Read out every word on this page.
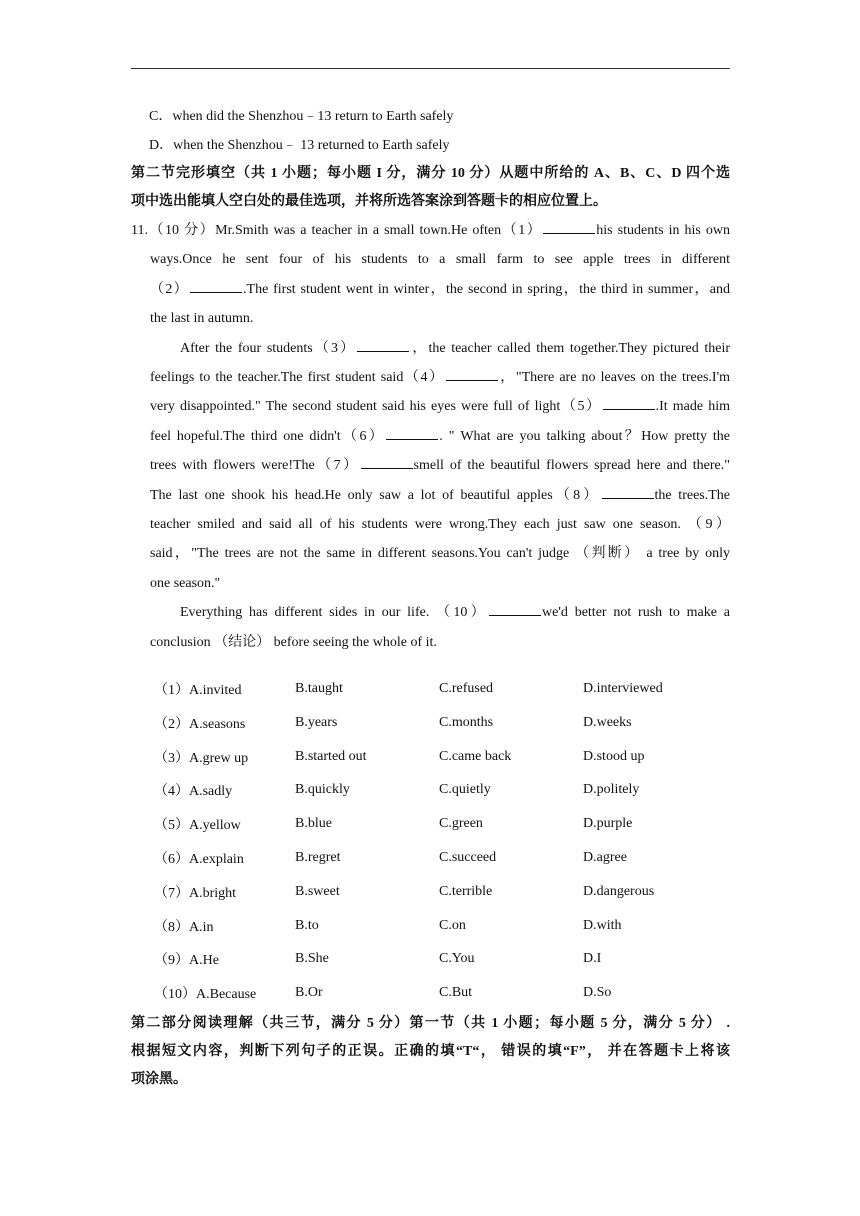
C．when did the Shenzhou﹣13 return to Earth safely
D．when the Shenzhou﹣ 13 returned to Earth safely
第二节完形填空（共 1 小题；每小题 I 分，满分 10 分）从题中所给的 A、B、C、D 四个选
项中选出能填人空白处的最佳选项，并将所选答案涂到答题卡的相应位置上。
11.（10 分）Mr.Smith was a teacher in a small town.He often（1）	his students in his own
ways.Once he sent four of his students to a small farm to see apple trees in different
（2）	.The first student went in winter，the second in spring，the third in summer，and
the last in autumn.
After the four students（3）	，the teacher called them together.They pictured their
feelings to the teacher.The first student said（4）	，"There are no leaves on the trees.I'm
very disappointed." The second student said his eyes were full of light（5）	.It made him
feel hopeful.The third one didn't（6）	. " What are you talking about？How pretty the
trees with flowers were!The（7）	smell of the beautiful flowers spread here and there."
The last one shook his head.He only saw a lot of beautiful apples（8）	the trees.The
teacher smiled and said all of his students were wrong.They each just saw one season. （9）
said，"The trees are not the same in different seasons.You can't judge （判断） a tree by only
one season."
Everything has different sides in our life. （10）	we'd better not rush to make a
conclusion （结论） before seeing the whole of it.
（1）A.invited	B.taught	C.refused	D.interviewed
（2）A.seasons	B.years	C.months	D.weeks
（3）A.grew up	B.started out	C.came back	D.stood up
（4）A.sadly	B.quickly	C.quietly	D.politely
（5）A.yellow	B.blue	C.green	D.purple
（6）A.explain	B.regret	C.succeed	D.agree
（7）A.bright	B.sweet	C.terrible	D.dangerous
（8）A.in	B.to	C.on	D.with
（9）A.He	B.She	C.You	D.I
（10）A.Because	B.Or	C.But	D.So
第二部分阅读理解（共三节，满分 5 分）第一节（共 1 小题；每小题 5 分，满分 5 分） .
根据短文内容，判断下列句子的正误。正确的填“T“， 错误的填“F”， 并在答题卡上将该
项涂黑。
